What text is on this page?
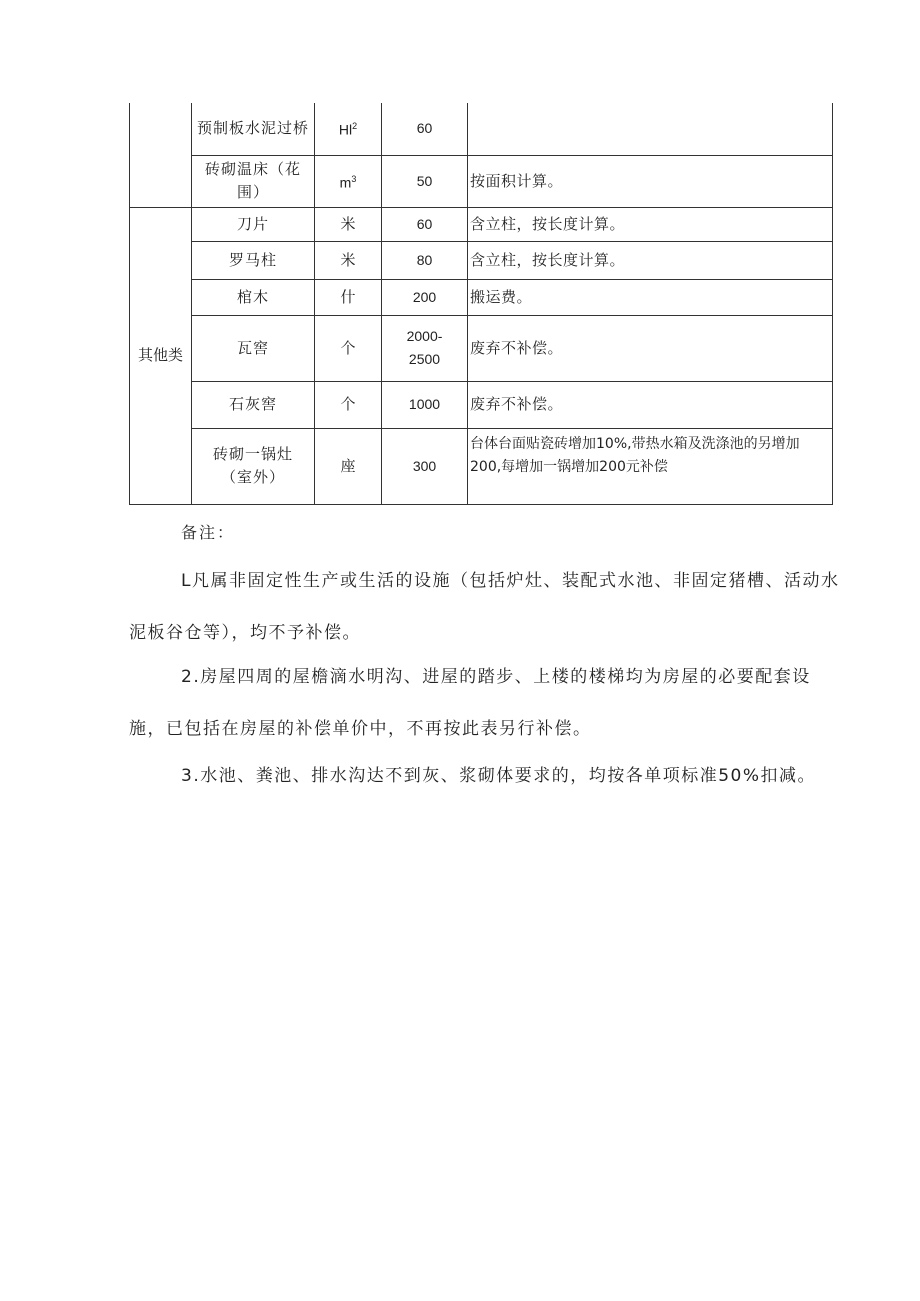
	预制板水泥过桥	Hl$^2$	60	
	砖砌温床（花围）	$m^3$	50	按面积计算。
其他类	刀片	米	60	含立柱，按长度计算。
	罗马柱	米	80	含立柱，按长度计算。
	棺木	什	200	搬运费。
	瓦窖	个	2000-2500	废弃不补偿。
	石灰窖	个	1000	废弃不补偿。
	砖砌一锅灶（室外）	座	300	台体台面贴瓷砖增加10%,带热水箱及洗涤池的另增加200,每增加一锅增加200元补偿
备注：

L凡属非固定性生产或生活的设施（包括炉灶、装配式水池、非固定猪槽、活动水泥板谷仓等），均不予补偿。

2.房屋四周的屋檐滴水明沟、进屋的踏步、上楼的楼梯均为房屋的必要配套设施，已包括在房屋的补偿单价中，不再按此表另行补偿。

3.水池、粪池、排水沟达不到灰、浆砌体要求的，均按各单项标准50%扣减。
